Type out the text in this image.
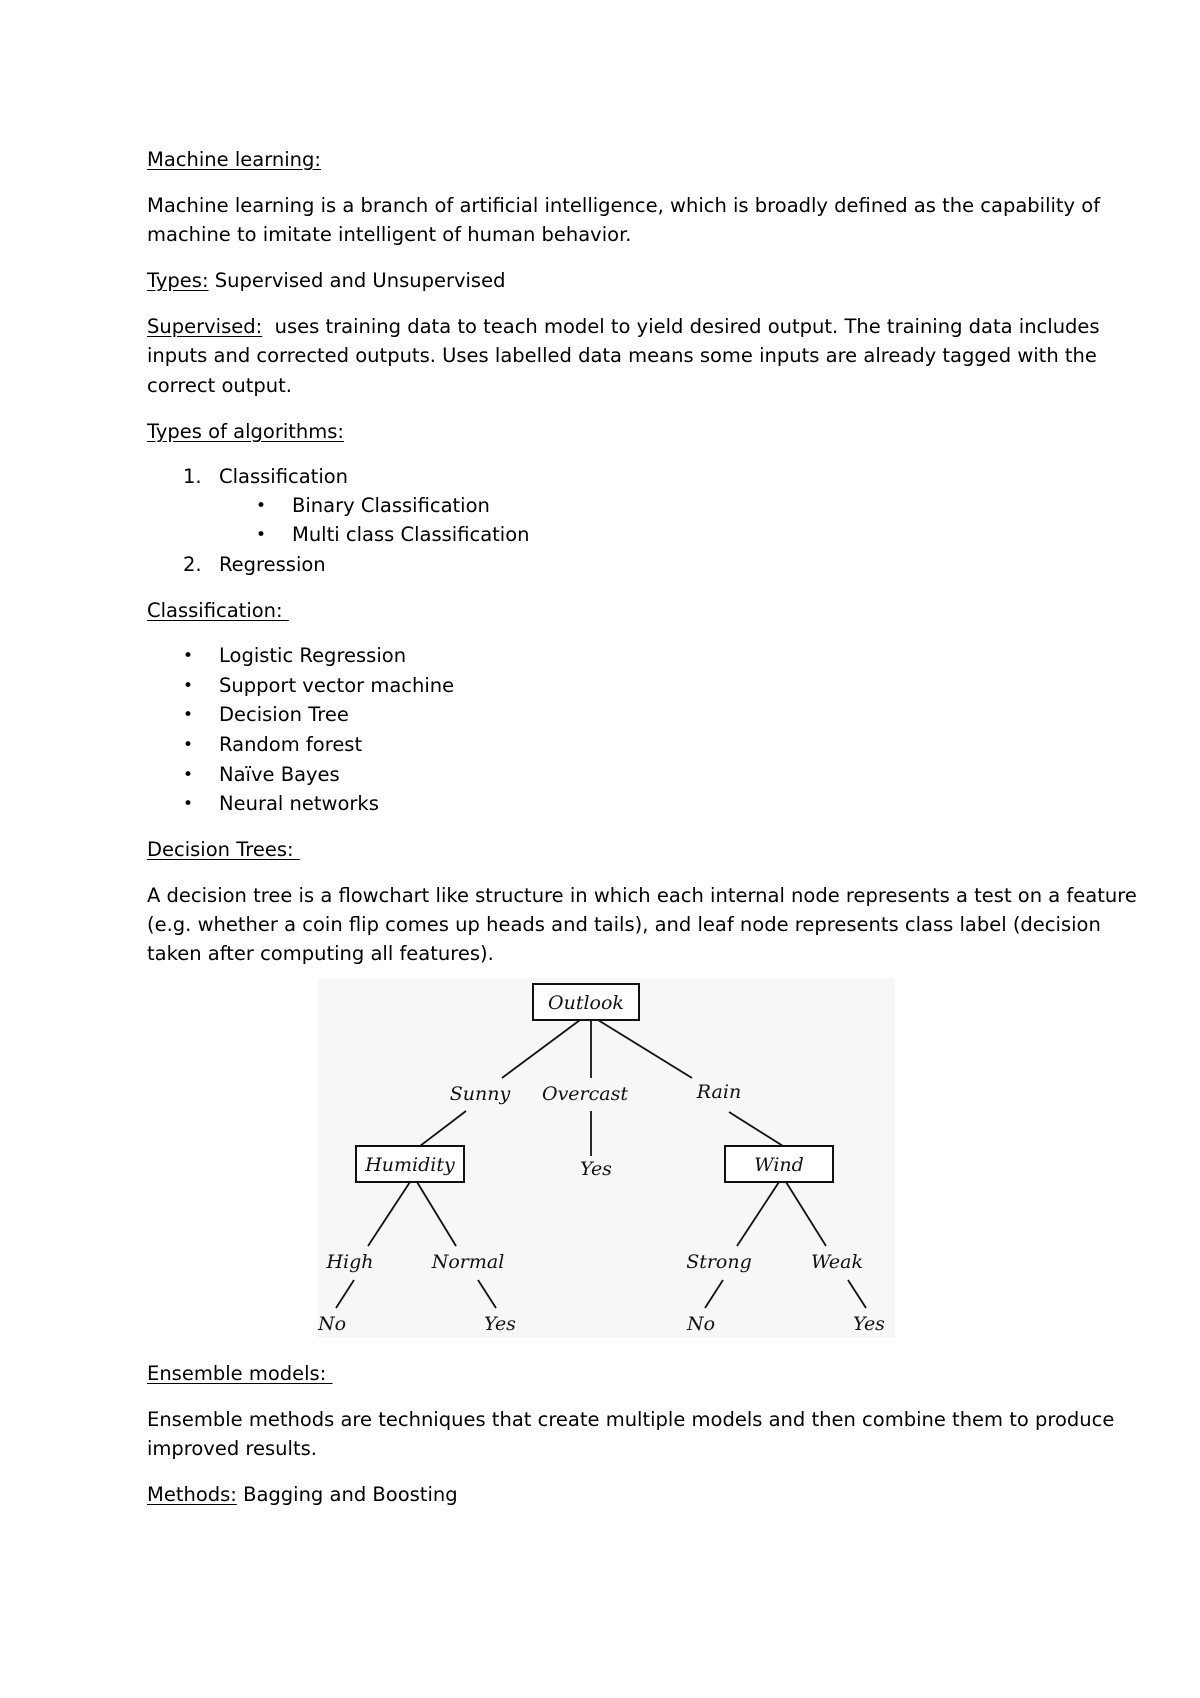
Machine learning:
Machine learning is a branch of artificial intelligence, which is broadly defined as the capability of
machine to imitate intelligent of human behavior.
Types: Supervised and Unsupervised
Supervised:  uses training data to teach model to yield desired output. The training data includes
inputs and corrected outputs. Uses labelled data means some inputs are already tagged with the
correct output.
Types of algorithms:
1. Classification
• Binary Classification
• Multi class Classification
2. Regression
Classification:
• Logistic Regression
• Support vector machine
• Decision Tree
• Random forest
• Naïve Bayes
• Neural networks
Decision Trees:
A decision tree is a flowchart like structure in which each internal node represents a test on a feature
(e.g. whether a coin flip comes up heads and tails), and leaf node represents class label (decision
taken after computing all features).
Outlook
Sunny Overcast	Rain
Humidity	Yes	Wind
High	Normal	Strong	Weak
No	Yes	No	Yes
Ensemble models:
Ensemble methods are techniques that create multiple models and then combine them to produce
improved results.
Methods: Bagging and Boosting
